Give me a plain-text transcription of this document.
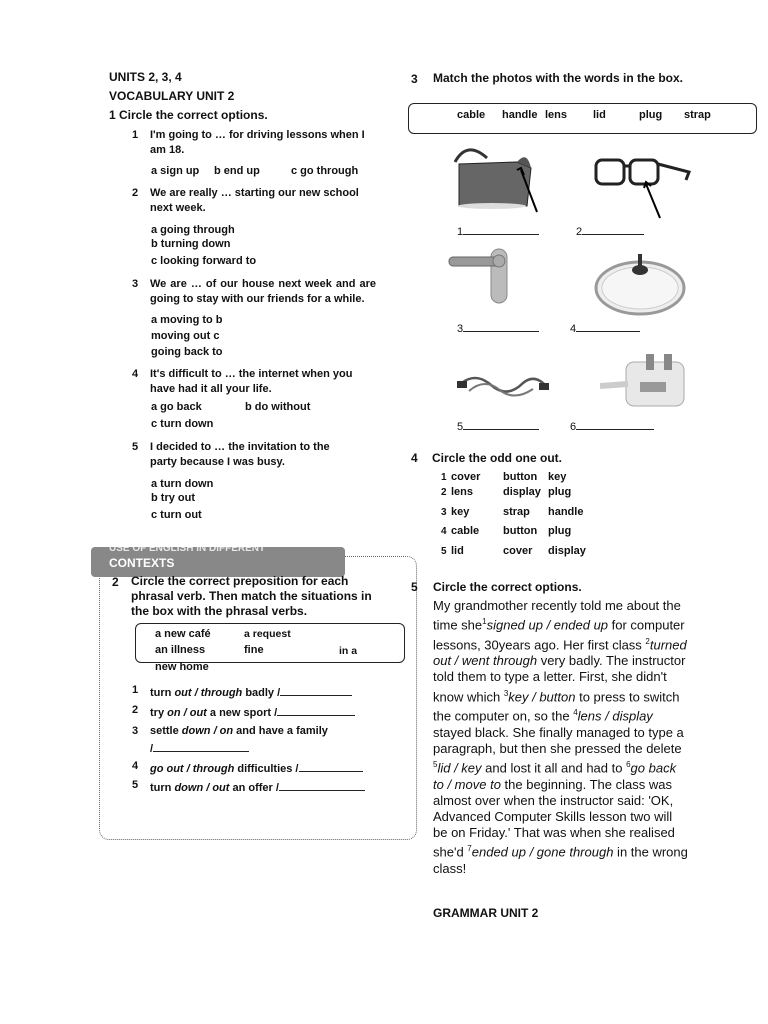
UNITS 2, 3, 4
VOCABULARY UNIT 2
1 Circle the correct options.
1 I'm going to … for driving lessons when I am 18.
a sign up b end up	c go through
2 We are really … starting our new school next week.
a going through
b turning down
c looking forward to
3 We are … of our house next week and are going to stay with our friends for a while.
a moving to b
moving out c
going back to
4 It's difficult to … the internet when you have had it all your life.
a go back	b do without
c turn down
5 I decided to … the invitation to the party because I was busy.
a turn down
b try out
c turn out
USE OF ENGLISH IN DIFFERENT
CONTEXTS
2 Circle the correct preposition for each phrasal verb. Then match the situations in the box with the phrasal verbs.
a new café	a request
an illness	fine	in a
new home
1 turn out / through badly /
2 try on / out a new sport /
3 settle down / on and have a family
/
4 go out / through difficulties /
5 turn down / out an offer /
3 Match the photos with the words in the box.
cable handle lens lid	plug strap
1	2
3	4
5	6
4 Circle the odd one out.
1 cover button key
2 lens	display plug
3 key	strap handle
4 cable button plug
5 lid	cover display
5 Circle the correct options.
My grandmother recently told me about the time she$^1$signed up / ended up for computer lessons, 30years ago. Her first class $^2$turned out / went through very badly. The instructor told them to type a letter. First, she didn't know which $^3$key / button to press to switch the computer on, so the $^4$lens / display stayed black. She finally managed to type a paragraph, but then she pressed the delete $^5$lid / key and lost it all and had to $^6$go back to / move to the beginning. The class was almost over when the instructor said: 'OK, Advanced Computer Skills lesson two will be on Friday.' That was when she realised she'd $^7$ended up / gone through in the wrong class!
GRAMMAR UNIT 2
